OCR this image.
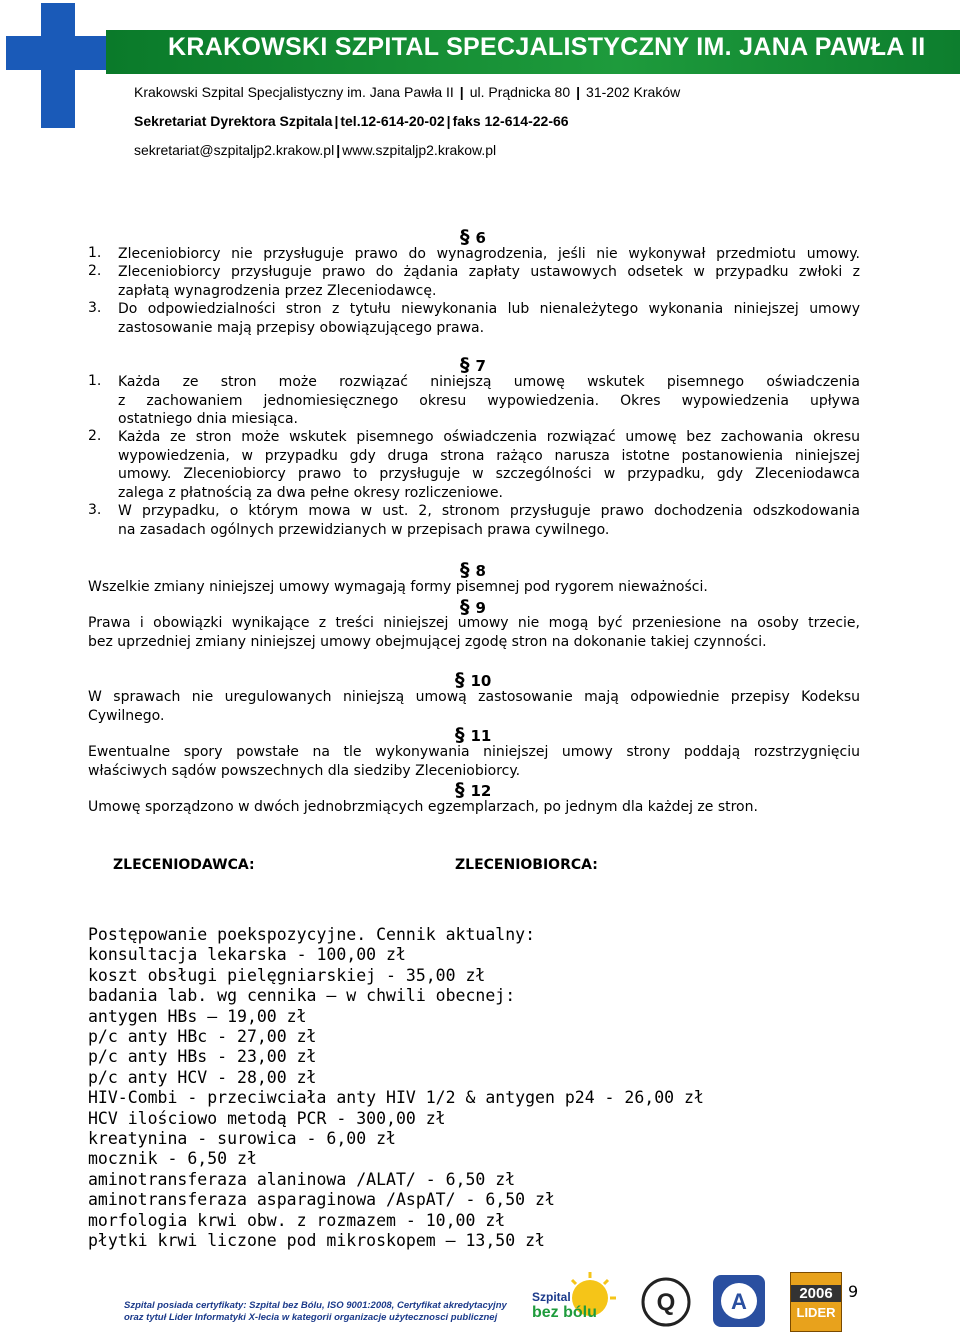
KRAKOWSKI SZPITAL SPECJALISTYCZNY IM. JANA PAWŁA II
Krakowski Szpital Specjalistyczny im. Jana Pawła II | ul. Prądnicka 80 | 31-202 Kraków
Sekretariat Dyrektora Szpitala | tel.12-614-20-02 | faks 12-614-22-66
sekretariat@szpitaljp2.krakow.pl | www.szpitaljp2.krakow.pl
§ 6
1. Zleceniobiorcy nie przysługuje prawo do wynagrodzenia, jeśli nie wykonywał przedmiotu umowy.
2. Zleceniobiorcy przysługuje prawo do żądania zapłaty ustawowych odsetek w przypadku zwłoki z
zapłatą wynagrodzenia przez Zleceniodawcę.
3. Do odpowiedzialności stron z tytułu niewykonania lub nienależytego wykonania niniejszej umowy
zastosowanie mają przepisy obowiązującego prawa.
§ 7
1. Każda ze stron może rozwiązać niniejszą umowę wskutek pisemnego oświadczenia
z zachowaniem jednomiesięcznego okresu wypowiedzenia. Okres wypowiedzenia upływa
ostatniego dnia miesiąca.
2. Każda ze stron może wskutek pisemnego oświadczenia rozwiązać umowę bez zachowania okresu
wypowiedzenia, w przypadku gdy druga strona rażąco narusza istotne postanowienia niniejszej
umowy. Zleceniobiorcy prawo to przysługuje w szczególności w przypadku, gdy Zleceniodawca
zalega z płatnością za dwa pełne okresy rozliczeniowe.
3. W przypadku, o którym mowa w ust. 2, stronom przysługuje prawo dochodzenia odszkodowania
na zasadach ogólnych przewidzianych w przepisach prawa cywilnego.
§ 8
Wszelkie zmiany niniejszej umowy wymagają formy pisemnej pod rygorem nieważności.
§ 9
Prawa i obowiązki wynikające z treści niniejszej umowy nie mogą być przeniesione na osoby trzecie,
bez uprzedniej zmiany niniejszej umowy obejmującej zgodę stron na dokonanie takiej czynności.
§ 10
W sprawach nie uregulowanych niniejszą umową zastosowanie mają odpowiednie przepisy Kodeksu
Cywilnego.
§ 11
Ewentualne spory powstałe na tle wykonywania niniejszej umowy strony poddają rozstrzygnięciu
właściwych sądów powszechnych dla siedziby Zleceniobiorcy.
§ 12
Umowę sporządzono w dwóch jednobrzmiących egzemplarzach, po jednym dla każdej ze stron.
ZLECENIODAWCA:	ZLECENIOBIORCA:
Postępowanie poekspozycyjne. Cennik aktualny:
konsultacja lekarska - 100,00 zł
koszt obsługi pielęgniarskiej - 35,00 zł
badania lab. wg cennika – w chwili obecnej:
antygen HBs – 19,00 zł
p/c anty HBc - 27,00 zł
p/c anty HBs - 23,00 zł
p/c anty HCV - 28,00 zł
HIV-Combi - przeciwciała anty HIV 1/2 & antygen p24 - 26,00 zł
HCV ilościowo metodą PCR - 300,00 zł
kreatynina - surowica - 6,00 zł
mocznik - 6,50 zł
aminotransferaza alaninowa /ALAT/ - 6,50 zł
aminotransferaza asparaginowa /AspAT/ - 6,50 zł
morfologia krwi obw. z rozmazem - 10,00 zł
płytki krwi liczone pod mikroskopem – 13,50 zł
Szpital posiada certyfikaty: Szpital bez Bólu, ISO 9001:2008, Certyfikat akredytacyjny
oraz tytuł Lider Informatyki X-lecia w kategorii organizacje użytecznosci publicznej
Szpital
bez bólu Q	A	2006
LIDER
9
